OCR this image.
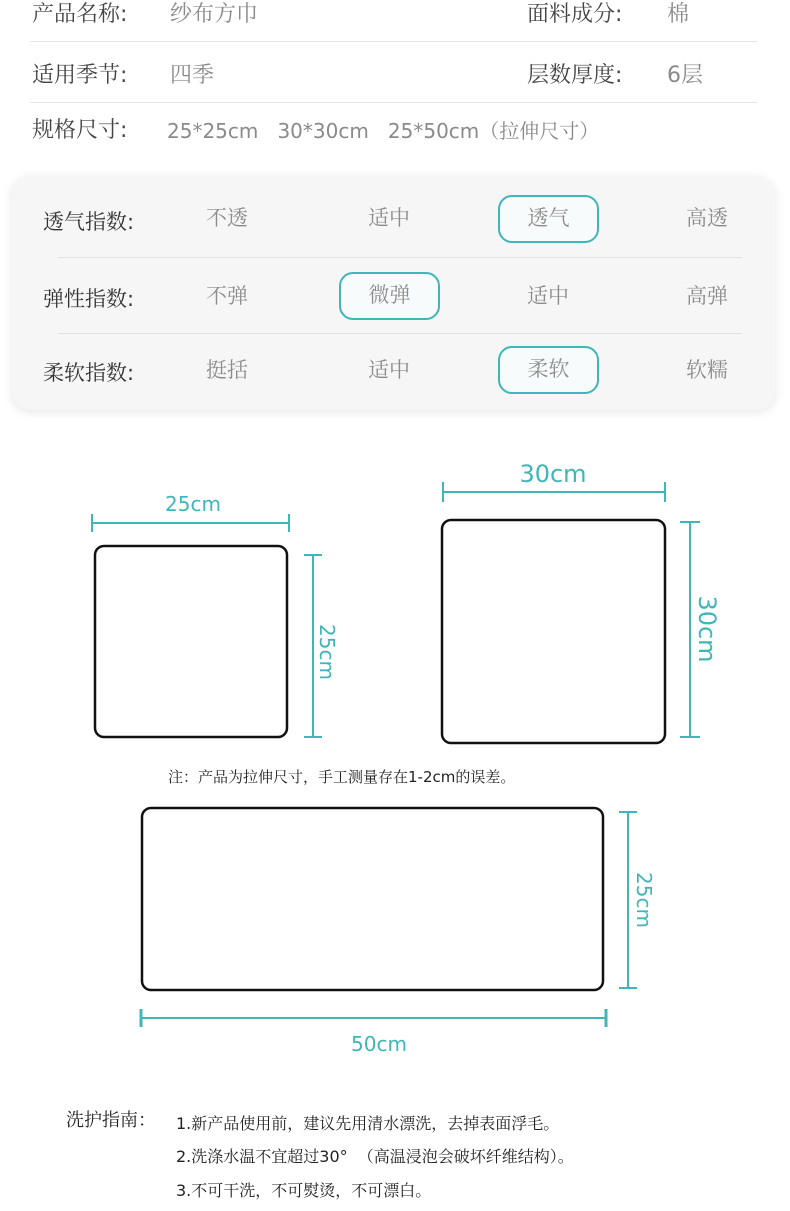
产品名称: 纱布方巾	面料成分: 棉
适用季节: 四季	层数厚度: 6层
规格尺寸: 25*25cm   30*30cm   25*50cm（拉伸尺寸）
透气指数:	不透	适中	透气	高透
弹性指数:	不弹	微弹	适中	高弹
柔软指数:	挺括	适中	柔软	软糯
25cm
25cm
30cm
30cm
25cm
50cm
注：产品为拉伸尺寸，手工测量存在1-2cm的误差。
洗护指南： 1.新产品使用前，建议先用清水漂洗，去掉表面浮毛。
2.洗涤水温不宜超过30°  （高温浸泡会破坏纤维结构）。
3.不可干洗，不可熨烫，不可漂白。
